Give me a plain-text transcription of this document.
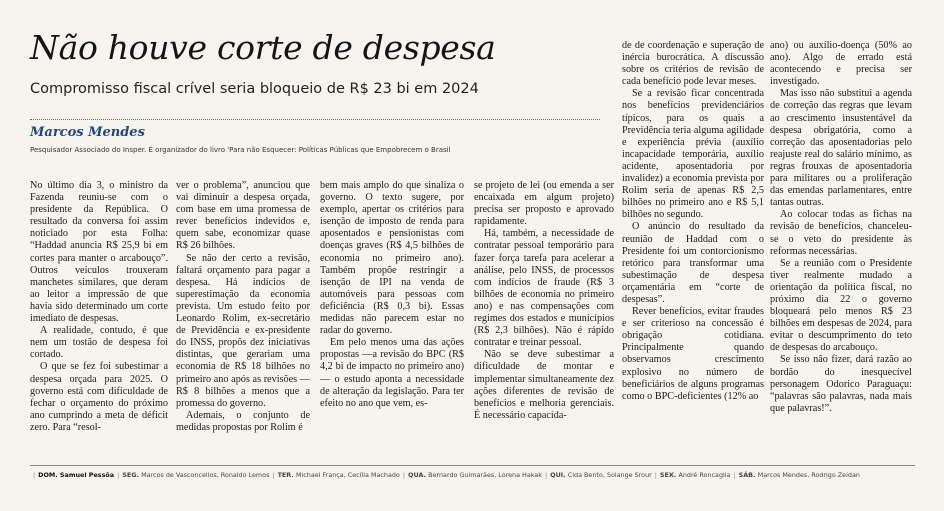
Não houve corte de despesa
Compromisso fiscal crível seria bloqueio de R$ 23 bi em 2024
Marcos Mendes
Pesquisador Associado do Insper. É organizador do livro 'Para não Esquecer: Políticas Públicas que Empobrecem o Brasil

No último dia 3, o ministro da Fazenda reuniu-se com o presidente da República. O resultado da conversa foi assim noticiado por esta Folha: “Haddad anuncia R$ 25,9 bi em cortes para manter o arcabouço”. Outros veículos trouxeram manchetes similares, que deram ao leitor a impressão de que havia sido determinado um corte imediato de despesas.

A realidade, contudo, é que nem um tostão de despesa foi cortado.

O que se fez foi subestimar a despesa orçada para 2025. O governo está com dificuldade de fechar o orçamento do próximo ano cumprindo a meta de déficit zero. Para “resol-

ver o problema”, anunciou que vai diminuir a despesa orçada, com base em uma promessa de rever benefícios indevidos e, quem sabe, economizar quase R$ 26 bilhões.

Se não der certo a revisão, faltará orçamento para pagar a despesa. Há indícios de superestimação da economia prevista. Um estudo feito por Leonardo Rolim, ex-secretário de Previdência e ex-presidente do INSS, propôs dez iniciativas distintas, que gerariam uma economia de R$ 18 bilhões no primeiro ano após as revisões —R$ 8 bilhões a menos que a promessa do governo.

Ademais, o conjunto de medidas propostas por Rolim é

bem mais amplo do que sinaliza o governo. O texto sugere, por exemplo, apertar os critérios para isenção de imposto de renda para aposentados e pensionistas com doenças graves (R$ 4,5 bilhões de economia no primeiro ano). Também propõe restringir a isenção de IPI na venda de automóveis para pessoas com deficiência (R$ 0,3 bi). Essas medidas não parecem estar no radar do governo.

Em pelo menos uma das ações propostas —a revisão do BPC (R$ 4,2 bi de impacto no primeiro ano)— o estudo aponta a necessidade de alteração da legislação. Para ter efeito no ano que vem, es-

se projeto de lei (ou emenda a ser encaixada em algum projeto) precisa ser proposto e aprovado rapidamente.

Há, também, a necessidade de contratar pessoal temporário para fazer força tarefa para acelerar a análise, pelo INSS, de processos com indícios de fraude (R$ 3 bilhões de economia no primeiro ano) e nas compensações com regimes dos estados e municípios (R$ 2,3 bilhões). Não é rápido contratar e treinar pessoal.

Não se deve subestimar a dificuldade de montar e implementar simultaneamente dez ações diferentes de revisão de benefícios e melhoria gerenciais. É necessário capacida-

de de coordenação e superação de inércia burocrática. A discussão sobre os critérios de revisão de cada benefício pode levar meses.

Se a revisão ficar concentrada nos benefícios previdenciários típicos, para os quais a Previdência teria alguma agilidade e experiência prévia (auxílio incapacidade temporária, auxílio acidente, aposentadoria por invalidez) a economia prevista por Rolim seria de apenas R$ 2,5 bilhões no primeiro ano e R$ 5,1 bilhões no segundo.

O anúncio do resultado da reunião de Haddad com o Presidente foi um contorcionismo retórico para transformar uma subestimação de despesa orçamentária em “corte de despesas”.

Rever benefícios, evitar fraudes e ser criterioso na concessão é obrigação cotidiana. Principalmente quando observamos crescimento explosivo no número de beneficiários de alguns programas como o BPC-deficientes (12% ao

ano) ou auxílio-doença (50% ao ano). Algo de errado está acontecendo e precisa ser investigado.

Mas isso não substitui a agenda de correção das regras que levam ao crescimento insustentável da despesa obrigatória, como a correção das aposentadorias pelo reajuste real do salário mínimo, as regras frouxas de aposentadoria para militares ou a proliferação das emendas parlamentares, entre tantas outras.

Ao colocar todas as fichas na revisão de benefícios, chanceleu-se o veto do presidente às reformas necessárias.

Se a reunião com o Presidente tiver realmente mudado a orientação da política fiscal, no próximo dia 22 o governo bloqueará pelo menos R$ 23 bilhões em despesas de 2024, para evitar o descumprimento do teto de despesas do arcabouço.

Se isso não fizer, dará razão ao bordão do inesquecível personagem Odorico Paraguaçu: “palavras são palavras, nada mais que palavras!”.

| DOM. Samuel Pessôa | SEG. Marcos de Vasconcellos, Ronaldo Lemos | TER. Michael França, Cecília Machado | QUA. Bernardo Guimarães, Lorena Hakak | QUI. Cida Bento, Solange Srour | SEX. André Roncaglia | SÁB. Marcos Mendes, Rodrigo Zeidan
